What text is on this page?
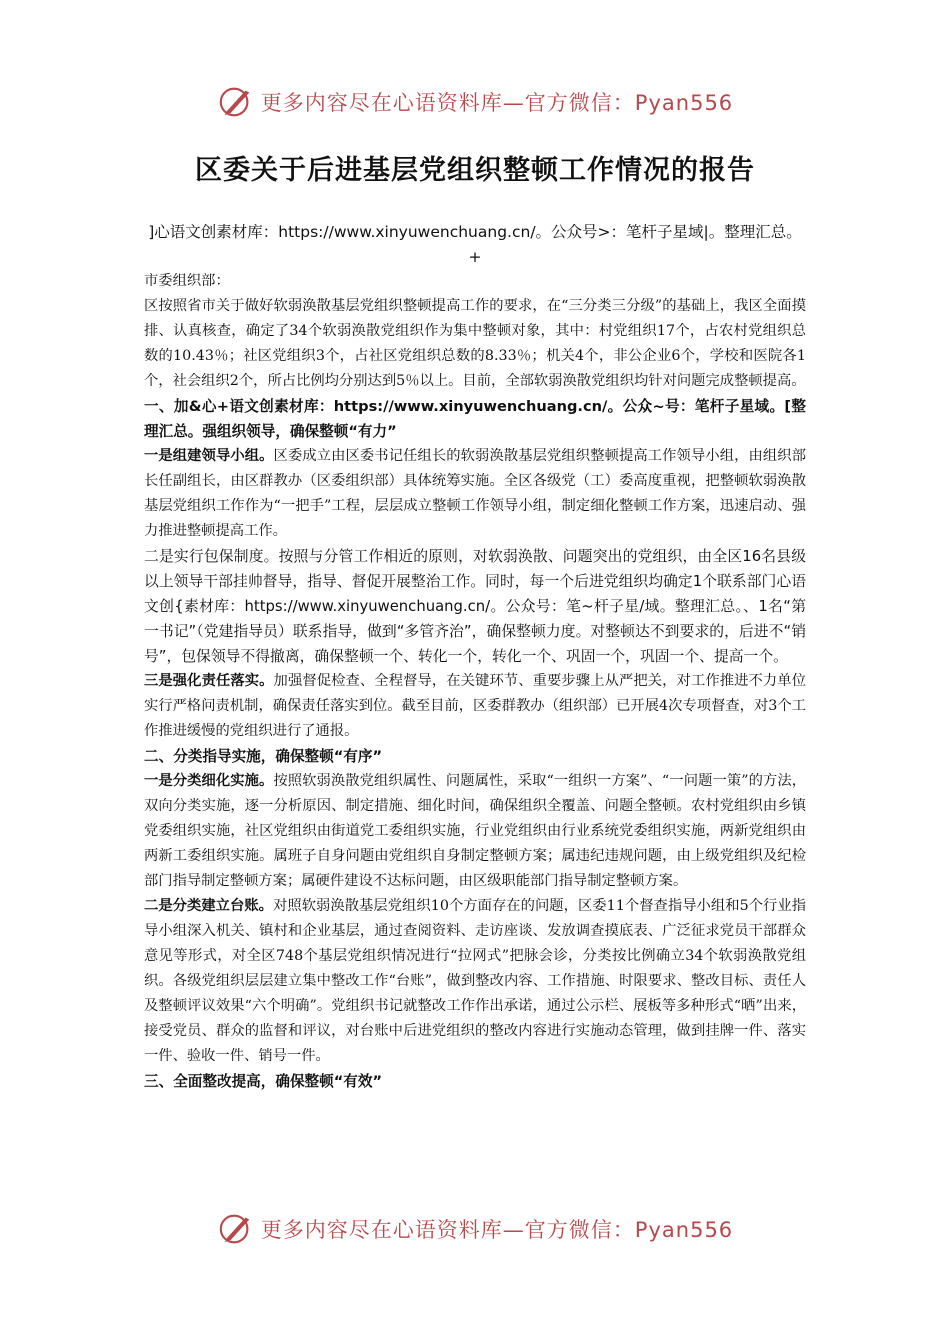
更多内容尽在心语资料库—官方微信：Pyan556
区委关于后进基层党组织整顿工作情况的报告
]心语文创素材库：https://www.xinyuwenchuang.cn/。公众号>：笔杆子星域|。整理汇总。+

市委组织部：

区按照省市关于做好软弱涣散基层党组织整顿提高工作的要求，在“三分类三分级”的基础上，我区全面摸排、认真核查，确定了34个软弱涣散党组织作为集中整顿对象，其中：村党组织17个，占农村党组织总数的10.43％；社区党组织3个，占社区党组织总数的8.33％；机关4个，非公企业6个，学校和医院各1个，社会组织2个，所占比例均分别达到5％以上。目前，全部软弱涣散党组织均针对问题完成整顿提高。

一、加&心+语文创素材库：https://www.xinyuwenchuang.cn/。公众~号：笔杆子星域。[整理汇总。强组织领导，确保整顿“有力”

一是组建领导小组。区委成立由区委书记任组长的软弱涣散基层党组织整顿提高工作领导小组，由组织部长任副组长，由区群教办（区委组织部）具体统筹实施。全区各级党（工）委高度重视，把整顿软弱涣散基层党组织工作作为“一把手”工程，层层成立整顿工作领导小组，制定细化整顿工作方案，迅速启动、强力推进整顿提高工作。

二是实行包保制度。按照与分管工作相近的原则，对软弱涣散、问题突出的党组织，由全区16名县级以上领导干部挂帅督导，指导、督促开展整治工作。同时，每一个后进党组织均确定1个联系部门心语文创{素材库：https://www.xinyuwenchuang.cn/。公众号：笔~杆子星/域。整理汇总。、1名“第一书记”（党建指导员）联系指导，做到“多管齐治”，确保整顿力度。对整顿达不到要求的，后进不“销号”，包保领导不得撤离，确保整顿一个、转化一个，转化一个、巩固一个，巩固一个、提高一个。

三是强化责任落实。加强督促检查、全程督导，在关键环节、重要步骤上从严把关，对工作推进不力单位实行严格问责机制，确保责任落实到位。截至目前，区委群教办（组织部）已开展4次专项督查，对3个工作推进缓慢的党组织进行了通报。

二、分类指导实施，确保整顿“有序”

一是分类细化实施。按照软弱涣散党组织属性、问题属性，采取“一组织一方案”、“一问题一策”的方法，双向分类实施，逐一分析原因、制定措施、细化时间，确保组织全覆盖、问题全整顿。农村党组织由乡镇党委组织实施，社区党组织由街道党工委组织实施，行业党组织由行业系统党委组织实施，两新党组织由两新工委组织实施。属班子自身问题由党组织自身制定整顿方案；属违纪违规问题，由上级党组织及纪检部门指导制定整顿方案；属硬件建设不达标问题，由区级职能部门指导制定整顿方案。

二是分类建立台账。对照软弱涣散基层党组织10个方面存在的问题，区委11个督查指导小组和5个行业指导小组深入机关、镇村和企业基层，通过查阅资料、走访座谈、发放调查摸底表、广泛征求党员干部群众意见等形式，对全区748个基层党组织情况进行“拉网式”把脉会诊，分类按比例确立34个软弱涣散党组织。各级党组织层层建立集中整改工作“台账”，做到整改内容、工作措施、时限要求、整改目标、责任人及整顿评议效果“六个明确”。党组织书记就整改工作作出承诺，通过公示栏、展板等多种形式“晒”出来，接受党员、群众的监督和评议，对台账中后进党组织的整改内容进行实施动态管理，做到挂牌一件、落实一件、验收一件、销号一件。

三、全面整改提高，确保整顿“有效”

更多内容尽在心语资料库—官方微信：Pyan556
